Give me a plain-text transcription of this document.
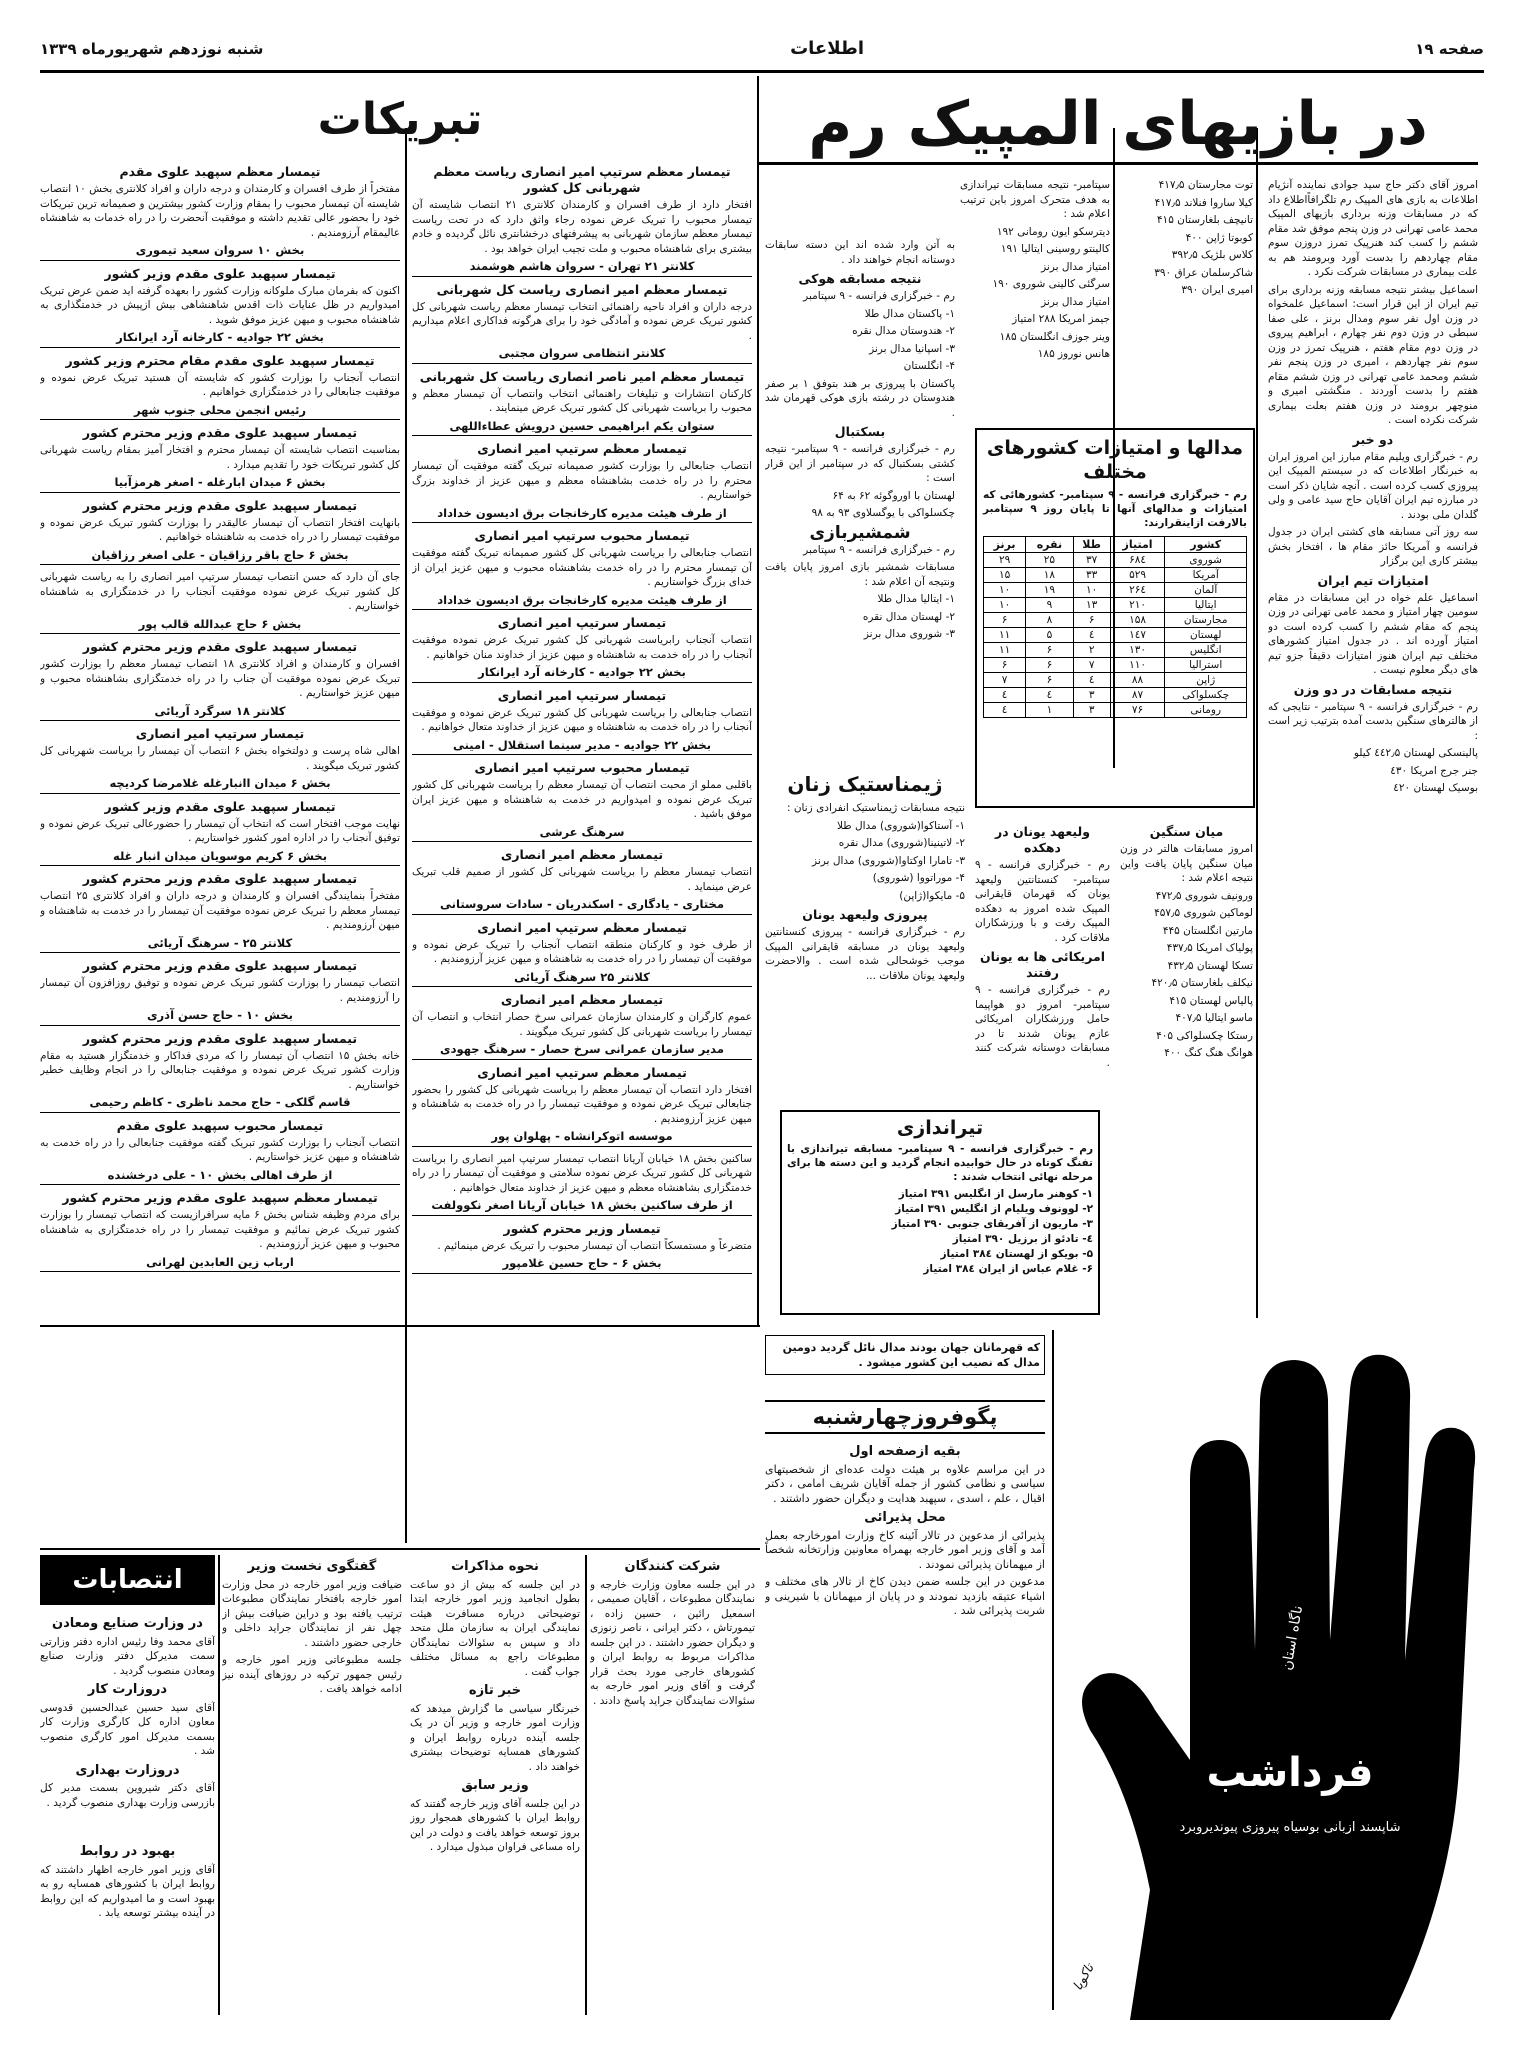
صفحه ۱۹
اطلاعات
شنبه نوزدهم شهریورماه ۱۳۳۹
در بازیهای المپیک رم

امروز آقای دکتر حاج سید جوادی نماینده آنژیام اطلاعات به بازی های المپیک رم تلگرافاًاطلاع داد که در مسابقات وزنه برداری بازیهای المپیک محمد عامی تهرانی در وزن پنجم موفق شد مقام ششم را کسب کند هنرپیک تمرز دروزن سوم مقام چهاردهم را بدست آورد وبرومند هم به علت بیماری در مسابقات شرکت نکرد .

اسماعیل بیشتر نتیجه مسابقه وزنه برداری برای تیم ایران از این قرار است: اسماعیل علمخواه در وزن اول نفر سوم ومدال برنز ، علی صفا سبطی در وزن دوم نفر چهارم ، ابراهیم پیروی در وزن دوم مقام هفتم ، هنرپیک تمرز در وزن سوم نفر چهاردهم ، امیری در وزن پنجم نفر ششم ومحمد عامی تهرانی در وزن ششم مقام هفتم را بدست آوردند . منگشتی امیری و منوچهر برومند در وزن هفتم بعلت بیماری شرکت نکرده است .

دو خبر

رم - خبرگزاری ویلیم مقام مبارز این امروز ایران به خبرنگار اطلاعات که در سیستم المپیک این پیروزی کسب کرده است . آنچه شایان ذکر است در مبارزه تیم ایران آقایان حاج سید عامی و ولی گلدان ملی بودند .

سه روز آتی مسابقه های کشتی ایران در جدول فرانسه و آمریکا حائز مقام ها ، افتخار بخش بیشتر کاری این برگزار

امتیازات تیم ایران

اسماعیل علم خواه در این مسابقات در مقام سومین چهار امتیاز و محمد عامی تهرانی در وزن پنجم که مقام ششم را کسب کرده است دو امتیاز آورده اند . در جدول امتیاز کشورهای مختلف تیم ایران هنوز امتیازات دقیقاً جزو تیم های دیگر معلوم نیست .

نتیجه مسابقات در دو وزن

رم - خبرگزاری فرانسه - ۹ سپتامبر - نتایجی که از هالترهای سنگین بدست آمده بترتیب زیر است :

پالینسکی لهستان ٤٤۲٫۵ کیلو

جنر جرج امریکا ٤۳۰

بوسیک لهستان ٤۲۰

توت مجارستان ۴۱۷٫۵

کیلا ساروا فنلاند ۴۱۷٫۵

تانیچف بلغارستان ۴۱۵

کوبوتا ژاپن ۴۰۰

کلاس بلژیک ۳۹۲٫۵

شاکرسلمان عراق ۳۹۰

امیری ایران ۳۹۰

سپتامبر- نتیجه مسابقات تیراندازی به هدف متحرک امروز باین ترتیب اعلام شد :

دیترسکو ایون رومانی ۱۹۲

کالینتو روسینی ایتالیا ۱۹۱

امتیاز مدال برنز

سرگئی کالینی شوروی ۱۹۰

امتیاز مدال برنز

جیمز امریکا ۲۸۸ امتیاز

وینر جوزف انگلستان ۱۸۵

هانس نوروز ۱۸۵

مدالها و امتیازات کشورهای مختلف
رم - خبرگزاری فرانسه - ۹ سپتامبر- کشورهائی که امتیازات و مدالهای آنها تا پایان روز ۹ سپتامبر بالارفت ازاینقرارند:
کشور	امتیاز	طلا	نقره	برنز
شوروی	۶۸٤	۳۷	۲۵	۲۹
آمریکا	۵۲۹	۳۳	۱۸	۱۵
آلمان	۲۶٤	۱۰	۱۹	۱۰
ایتالیا	۲۱۰	۱۳	۹	۱۰
مجارستان	۱۵۸	۶	۸	۶
لهستان	۱٤۷	٤	۵	۱۱
انگلیس	۱۳۰	۲	۶	۱۱
استرالیا	۱۱۰	۷	۶	۶
ژاپن	۸۸	٤	۶	۷
چکسلواکی	۸۷	۳	٤	٤
رومانی	۷۶	۳	۱	٤

به آتن وارد شده اند این دسته سابقات دوستانه انجام خواهند داد .

نتیجه مسابقه هوکی

رم - خبرگزاری فرانسه - ۹ سپتامبر

۱- پاکستان مدال طلا

۲- هندوستان مدال نقره

۳- اسپانیا مدال برنز

۴- انگلستان

پاکستان با پیروزی بر هند بتوفق ۱ بر صفر هندوستان در رشته بازی هوکی قهرمان شد .

بسکتبال

رم - خبرگزاری فرانسه - ۹ سپتامبر- نتیجه کشتی بسکتبال که در سپتامبر از این قرار است :

لهستان با اوروگوئه ۶۲ به ۶۴

چکسلواکی با یوگسلاوی ۹۳ به ۹۸

شمشیربازی

رم - خبرگزاری فرانسه - ۹ سپتامبر

مسابقات شمشیر بازی امروز پایان یافت ونتیجه آن اعلام شد :

۱- ایتالیا مدال طلا

۲- لهستان مدال نقره

۳- شوروی مدال برنز

ژیمناستیک زنان

نتیجه مسابقات ژیمناستیک انفرادی زنان :

۱- آستاکوا(شوروی) مدال طلا

۲- لاتینینا(شوروی) مدال نقره

۳- تامارا اوکتاوا(شوروی) مدال برنز

۴- موراتووا (شوروی)

۵- مایکوا(ژاپن)

پیروزی ولیعهد یونان

رم - خبرگزاری فرانسه - پیروزی کنستانتین ولیعهد یونان در مسابقه قایقرانی المپیک موجب خوشحالی شده است . والاحضرت ولیعهد یونان ملاقات ...

ولیعهد یونان در دهکده

رم - خبرگزاری فرانسه - ۹ سپتامبر- کنستانتین ولیعهد یونان که قهرمان قایقرانی المپیک شده امروز به دهکده المپیک رفت و با ورزشکاران ملاقات کرد .

امریکائی ها به یونان رفتند

رم - خبرگزاری فرانسه - ۹ سپتامبر- امروز دو هواپیما حامل ورزشکاران امریکائی عازم یونان شدند تا در مسابقات دوستانه شرکت کنند .

میان سنگین

امروز مسابقات هالتر در وزن میان سنگین پایان یافت واین نتیجه اعلام شد :

ورونیف شوروی ۴۷۲٫۵

لوماکین شوروی ۴۵۷٫۵

مارتین انگلستان ۴۴۵

پولیاک امریکا ۴۳۷٫۵

تسکا لهستان ۴۳۲٫۵

نیکلف بلغارستان ۴۲۰٫۵

پالیاس لهستان ۴۱۵

ماسو ایتالیا ۴۰۷٫۵

رستکا چکسلواکی ۴۰۵

هوانگ هنگ کنگ ۴۰۰

تیراندازی
رم - خبرگزاری فرانسه - ۹ سپتامبر- مسابقه تیراندازی با تفنگ کوتاه در حال خوابیده انجام گردید و این دسته ها برای مرحله نهائی انتخاب شدند :
۱- کوهنر مارسل از انگلیس ۳۹۱ امتیاز
۲- لوونوف ویلیام از انگلیس ۳۹۱ امتیاز
۳- ماریون از آفریقای جنوبی ۳۹۰ امتیاز
٤- تادئو از برزیل ۳۹۰ امتیاز
۵- بویکو از لهستان ۳۸٤ امتیاز
۶- غلام عباس از ایران ۳۸٤ امتیاز
که قهرمانان جهان بودند مدال نائل گردید دومین مدال که نصیب این کشور میشود .
پگوفروزچهارشنبه
بقیه ازصفحه اول

در این مراسم علاوه بر هیئت دولت عده‌ای از شخصیتهای سیاسی و نظامی کشور از جمله آقایان شریف امامی ، دکتر اقبال ، علم ، اسدی ، سپهبد هدایت و دیگران حضور داشتند .

محل پذیرائی

پذیرائی از مدعوین در تالار آئینه کاخ وزارت امورخارجه بعمل آمد و آقای وزیر امور خارجه بهمراه معاونین وزارتخانه شخصاً از میهمانان پذیرائی نمودند .

مدعوین در این جلسه ضمن دیدن کاخ از تالار های مختلف و اشیاء عتیقه بازدید نمودند و در پایان از میهمانان با شیرینی و شربت پذیرائی شد .	ناگاه استان
فرداشب
شاپسند ازبانی بوسیاه پیروزی پیوندیروبرد
تاکوبا
تبریکات
تیمسار معظم سرتیپ امیر انصاری ریاست معظم شهربانی کل کشور

افتخار دارد از طرف افسران و کارمندان کلانتری ۲۱ انتصاب شایسته آن تیمسار محبوب را تبریک عرض نموده رجاء واثق دارد که در تحت ریاست تیمسار معظم سازمان شهربانی به پیشرفتهای درخشانتری نائل گردیده و خادم بیشتری برای شاهنشاه محبوب و ملت نجیب ایران خواهد بود .

کلانتر ۲۱ تهران - سروان هاشم هوشمند
تیمسار معظم امیر انصاری ریاست کل شهربانی

درجه داران و افراد ناحیه راهنمائی انتخاب تیمسار معظم ریاست شهربانی کل کشور تبریک عرض نموده و آمادگی خود را برای هرگونه فداکاری اعلام میداریم .

کلانتر انتظامی سروان مجتبی
تیمسار معظم امیر ناصر انصاری ریاست کل شهربانی

کارکنان انتشارات و تبلیغات راهنمائی انتخاب وانتصاب آن تیمسار معظم و محبوب را بریاست شهربانی کل کشور تبریک عرض مینمایند .

ستوان یکم ابراهیمی حسین درویش عطاءاللهی
تیمسار معظم سرتیپ امیر انصاری

انتصاب جنابعالی را بوزارت کشور صمیمانه تبریک گفته موفقیت آن تیمسار محترم را در راه خدمت بشاهنشاه معظم و میهن عزیز از خداوند بزرگ خواستاریم .

از طرف هیئت مدیره کارخانجات برق ادیسون خداداد
تیمسار محبوب سرتیپ امیر انصاری

انتصاب جنابعالی را بریاست شهربانی کل کشور صمیمانه تبریک گفته موفقیت آن تیمسار محترم را در راه خدمت بشاهنشاه محبوب و میهن عزیز ایران از خدای بزرگ خواستاریم .

از طرف هیئت مدیره کارخانجات برق ادیسون خداداد
تیمسار سرتیپ امیر انصاری

انتصاب آنجناب رابریاست شهربانی کل کشور تبریک عرض نموده موفقیت آنجناب را در راه خدمت به شاهنشاه و میهن عزیز از خداوند منان خواهانیم .

بخش ۲۲ جوادیه - کارخانه آرد ایرانکار
تیمسار سرتیپ امیر انصاری

انتصاب جنابعالی را بریاست شهربانی کل کشور تبریک عرض نموده و موفقیت آنجناب را در راه خدمت به شاهنشاه و میهن عزیز از خداوند متعال خواهانیم .

بخش ۲۲ جوادیه - مدیر سینما استقلال - امینی
تیمسار محبوب سرتیپ امیر انصاری

باقلبی مملو از محبت انتصاب آن تیمسار معظم را بریاست شهربانی کل کشور تبریک عرض نموده و امیدواریم در خدمت به شاهنشاه و میهن عزیز ایران موفق باشید .

سرهنگ عرشی
تیمسار معظم امیر انصاری

انتصاب تیمسار معظم را بریاست شهربانی کل کشور از صمیم قلب تبریک عرض مینماید .

مختاری - یادگاری - اسکندریان - سادات سروستانی
تیمسار معظم سرتیپ امیر انصاری

از طرف خود و کارکنان منطقه انتصاب آنجناب را تبریک عرض نموده و موفقیت آن تیمسار را در راه خدمت به شاهنشاه و میهن عزیز آرزومندیم .

کلانتر ۲۵ سرهنگ آریائی
تیمسار معظم امیر انصاری

عموم کارگران و کارمندان سازمان عمرانی سرخ حصار انتخاب و انتصاب آن تیمسار را بریاست شهربانی کل کشور تبریک میگویند .

مدیر سازمان عمرانی سرخ حصار - سرهنگ جهودی
تیمسار معظم سرتیپ امیر انصاری

افتخار دارد انتصاب آن تیمسار معظم را بریاست شهربانی کل کشور را بحضور جنابعالی تبریک عرض نموده و موفقیت تیمسار را در راه خدمت به شاهنشاه و میهن عزیز آرزومندیم .

موسسه اتوکرانشاه - پهلوان پور

ساکنین بخش ۱۸ خیابان آریانا انتصاب تیمسار سرتیپ امیر انصاری را بریاست شهربانی کل کشور تبریک عرض نموده سلامتی و موفقیت آن تیمسار را در راه خدمتگزاری بشاهنشاه معظم و میهن عزیز از خداوند متعال خواهانیم .

از طرف ساکنین بخش ۱۸ خیابان آریانا اصغر نکوولفت
تیمسار وزیر محترم کشور

متضرعاً و مستمسکاً انتصاب آن تیمسار محبوب را تبریک عرض مینمائیم .

بخش ۶ - حاج حسین غلامپور
تیمسار معظم سپهبد علوی مقدم

مفتخراً از طرف افسران و کارمندان و درجه داران و افراد کلانتری بخش ۱۰ انتصاب شایسته آن تیمسار محبوب را بمقام وزارت کشور بیشترین و صمیمانه ترین تبریکات خود را بحضور عالی تقدیم داشته و موفقیت آنحضرت را در راه خدمات به شاهنشاه عالیمقام آرزومندیم .

بخش ۱۰ سروان سعید تیموری
تیمسار سپهبد علوی مقدم وزیر کشور

اکنون که بفرمان مبارک ملوکانه وزارت کشور را بعهده گرفته اید ضمن عرض تبریک امیدواریم در ظل عنایات ذات اقدس شاهنشاهی بیش ازپیش در خدمتگذاری به شاهنشاه محبوب و میهن عزیز موفق شوید .

بخش ۲۲ جوادیه - کارخانه آرد ایرانکار
تیمسار سپهبد علوی مقدم مقام محترم وزیر کشور

انتصاب آنجناب را بوزارت کشور که شایسته آن هستید تبریک عرض نموده و موفقیت جنابعالی را در خدمتگزاری خواهانیم .

رئیس انجمن محلی جنوب شهر
تیمسار سپهبد علوی مقدم وزیر محترم کشور

بمناسبت انتصاب شایسته آن تیمسار محترم و افتخار آمیز بمقام ریاست شهربانی کل کشور تبریکات خود را تقدیم میدارد .

بخش ۶ میدان ابارغله - اصغر هرمزآبیا
تیمسار سپهبد علوی مقدم وزیر محترم کشور

بانهایت افتخار انتصاب آن تیمسار عالیقدر را بوزارت کشور تبریک عرض نموده و موفقیت تیمسار را در راه خدمت به شاهنشاه خواهانیم .

بخش ۶ حاج باقر رزاقیان - علی اصغر رزاقیان

جای آن دارد که حسن انتصاب تیمسار سرتیپ امیر انصاری را به ریاست شهربانی کل کشور تبریک عرض نموده موفقیت آنجناب را در خدمتگزاری به شاهنشاه خواستاریم .

بخش ۶ حاج عبدالله قالب پور
تیمسار سپهبد علوی مقدم وزیر محترم کشور

افسران و کارمندان و افراد کلانتری ۱۸ انتصاب تیمسار معظم را بوزارت کشور تبریک عرض نموده موفقیت آن جناب را در راه خدمتگزاری بشاهنشاه محبوب و میهن عزیز خواستاریم .

کلانتر ۱۸ سرگرد آریائی
تیمسار سرتیپ امیر انصاری

اهالی شاه پرست و دولتخواه بخش ۶ انتصاب آن تیمسار را بریاست شهربانی کل کشور تبریک میگویند .

بخش ۶ میدان اانبارغله غلامرضا کردیچه
تیمسار سپهبد علوی مقدم وزیر کشور

نهایت موجب افتخار است که انتخاب آن تیمسار را حضورعالی تبریک عرض نموده و توفیق آنجناب را در اداره امور کشور خواستاریم .

بخش ۶ کریم موسویان میدان انبار غله
تیمسار سپهبد علوی مقدم وزیر محترم کشور

مفتخراً بنمایندگی افسران و کارمندان و درجه داران و افراد کلانتری ۲۵ انتصاب تیمسار معظم را تبریک عرض نموده موفقیت آن تیمسار را در خدمت به شاهنشاه و میهن آرزومندیم .

کلانتر ۲۵ - سرهنگ آریائی
تیمسار سپهبد علوی مقدم وزیر محترم کشور

انتصاب تیمسار را بوزارت کشور تبریک عرض نموده و توفیق روزافزون آن تیمسار را آرزومندیم .

بخش ۱۰ - حاج حسن آذری
تیمسار سپهبد علوی مقدم وزیر محترم کشور

خانه بخش ۱۵ انتصاب آن تیمسار را که مردی فداکار و خدمتگزار هستید به مقام وزارت کشور تبریک عرض نموده و موفقیت جنابعالی را در انجام وظایف خطیر خواستاریم .

قاسم گلکی - حاج محمد ناظری - کاظم رحیمی
تیمسار محبوب سپهبد علوی مقدم

انتصاب آنجناب را بوزارت کشور تبریک گفته موفقیت جنابعالی را در راه خدمت به شاهنشاه و میهن عزیز خواستاریم .

از طرف اهالی بخش ۱۰ - علی درخشنده
تیمسار معظم سپهبد علوی مقدم وزیر محترم کشور

برای مردم وظیفه شناس بخش ۶ مایه سرافرازیست که انتصاب تیمسار را بوزارت کشور تبریک عرض نمائیم و موفقیت تیمسار را در راه خدمتگزاری به شاهنشاه محبوب و میهن عزیز آرزومندیم .

ارباب زین العابدین لهرانی
انتصابات
در وزارت صنایع ومعادن

آقای محمد وفا رئیس اداره دفتر وزارتی سمت مدیرکل دفتر وزارت صنایع ومعادن منصوب گردید .

دروزارت کار

آقای سید حسین عبدالحسین قدوسی معاون اداره کل کارگری وزارت کار بسمت مدیرکل امور کارگری منصوب شد .

دروزارت بهداری

آقای دکتر شیروین بسمت مدیر کل بازرسی وزارت بهداری منصوب گردید .

بهبود در روابط

آقای وزیر امور خارجه اظهار داشتند که روابط ایران با کشورهای همسایه رو به بهبود است و ما امیدواریم که این روابط در آینده بیشتر توسعه یابد .

شرکت کنندگان

در این جلسه معاون وزارت خارجه و نمایندگان مطبوعات ، آقایان صمیمی ، اسمعیل رائین ، حسین زاده ، تیمورتاش ، دکتر ایرانی ، ناصر زنوزی و دیگران حضور داشتند . در این جلسه مذاکرات مربوط به روابط ایران و کشورهای خارجی مورد بحث قرار گرفت و آقای وزیر امور خارجه به سئوالات نمایندگان جراید پاسخ دادند .

نحوه مذاکرات

در این جلسه که بیش از دو ساعت بطول انجامید وزیر امور خارجه ابتدا توضیحاتی درباره مسافرت هیئت نمایندگی ایران به سازمان ملل متحد داد و سپس به سئوالات نمایندگان مطبوعات راجع به مسائل مختلف جواب گفت .

خبر تازه

خبرنگار سیاسی ما گزارش میدهد که وزارت امور خارجه و وزیر آن در یک جلسه آینده درباره روابط ایران و کشورهای همسایه توضیحات بیشتری خواهند داد .

وزیر سابق

در این جلسه آقای وزیر خارجه گفتند که روابط ایران با کشورهای همجوار روز بروز توسعه خواهد یافت و دولت در این راه مساعی فراوان مبذول میدارد .

گفتگوی نخست وزیر

ضیافت وزیر امور خارجه در محل وزارت امور خارجه بافتخار نمایندگان مطبوعات ترتیب یافته بود و دراین ضیافت بیش از چهل نفر از نمایندگان جراید داخلی و خارجی حضور داشتند .

جلسه مطبوعاتی وزیر امور خارجه و رئیس جمهور ترکیه در روزهای آینده نیز ادامه خواهد یافت .
